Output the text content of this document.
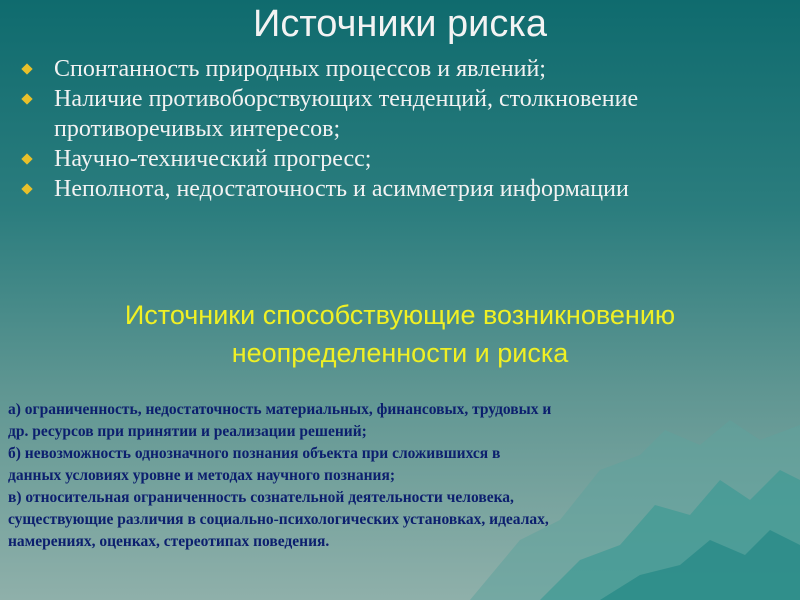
Источники риска
Спонтанность природных процессов и явлений;
Наличие противоборствующих тенденций, столкновение противоречивых интересов;
Научно-технический прогресс;
Неполнота, недостаточность и асимметрия информации
Источники способствующие возникновению
неопределенности и риска
а) ограниченность, недостаточность материальных, финансовых, трудовых и
др. ресурсов при принятии и реализации решений;
б) невозможность однозначного познания объекта при сложившихся в
данных условиях уровне и методах научного познания;
в) относительная ограниченность сознательной деятельности человека,
существующие различия в социально-психологических установках, идеалах,
намерениях, оценках, стереотипах поведения.
